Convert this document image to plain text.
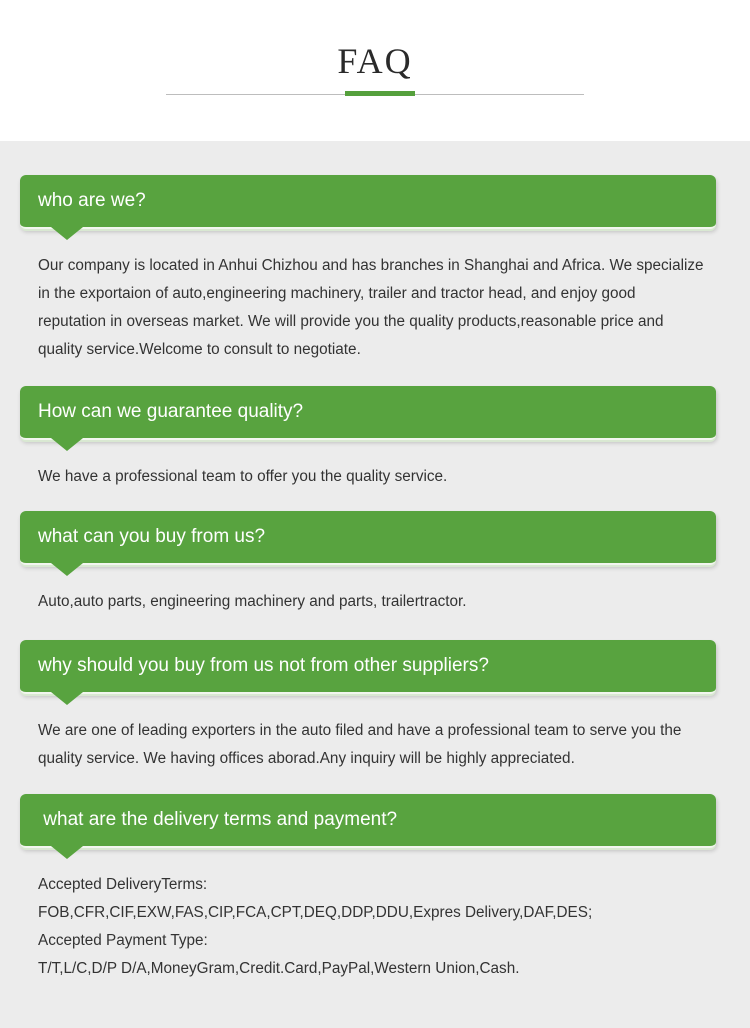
FAQ
who are we?

Our company is located in Anhui Chizhou and has branches in Shanghai and Africa. We specialize

in the exportaion of auto,engineering machinery, trailer and tractor head, and enjoy good

reputation in overseas market. We will provide you the quality products,reasonable price and

quality service.Welcome to consult to negotiate.

How can we guarantee quality?

We have a professional team to offer you the quality service.

what can you buy from us?

Auto,auto parts, engineering machinery and parts, trailertractor.

why should you buy from us not from other suppliers?

We are one of leading exporters in the auto filed and have a professional team to serve you the

quality service. We having offices aborad.Any inquiry will be highly appreciated.

what are the delivery terms and payment?

Accepted DeliveryTerms:

FOB,CFR,CIF,EXW,FAS,CIP,FCA,CPT,DEQ,DDP,DDU,Expres Delivery,DAF,DES;

Accepted Payment Type:

T/T,L/C,D/P D/A,MoneyGram,Credit.Card,PayPal,Western Union,Cash.
